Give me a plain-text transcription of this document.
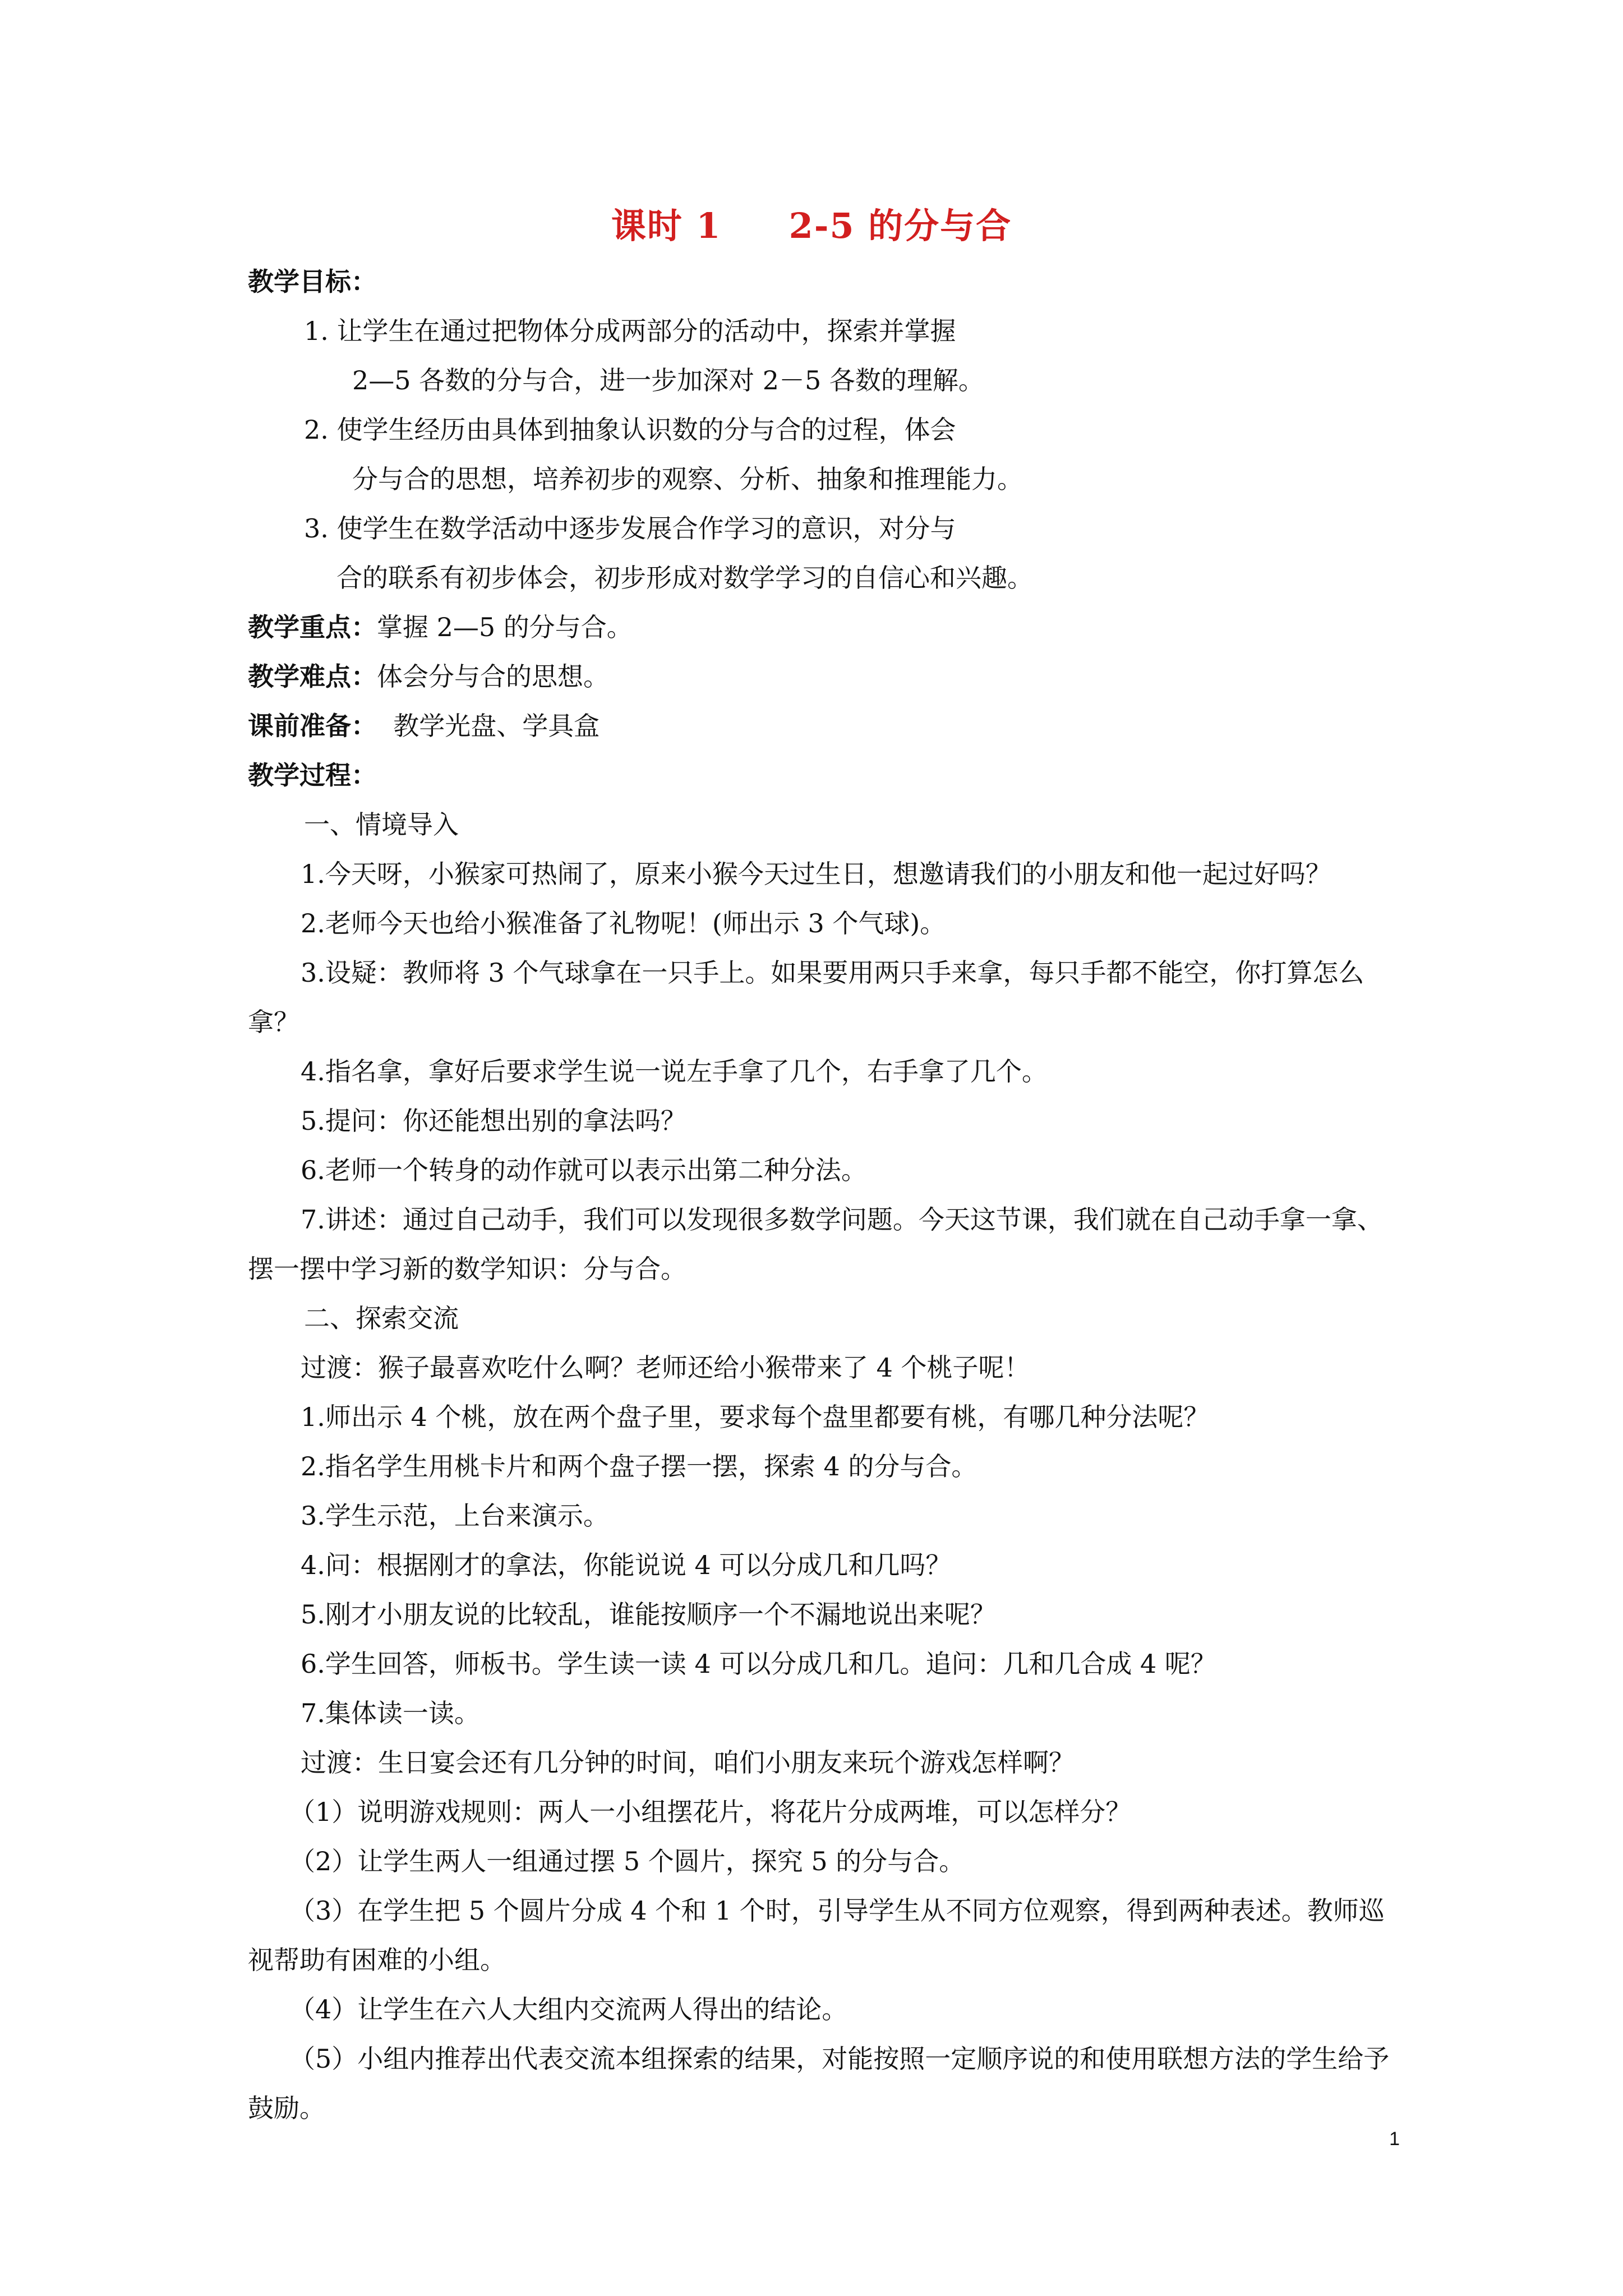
课时 1 2-5 的分与合
教学目标：
1. 让学生在通过把物体分成两部分的活动中，探索并掌握
2—5 各数的分与合，进一步加深对 2－5 各数的理解。
2. 使学生经历由具体到抽象认识数的分与合的过程，体会
分与合的思想，培养初步的观察、分析、抽象和推理能力。
3. 使学生在数学活动中逐步发展合作学习的意识，对分与
合的联系有初步体会，初步形成对数学学习的自信心和兴趣。
教学重点：掌握 2—5 的分与合。
教学难点：体会分与合的思想。
课前准备：  教学光盘、学具盒
教学过程：
一、情境导入
1.今天呀，小猴家可热闹了，原来小猴今天过生日，想邀请我们的小朋友和他一起过好吗？
2.老师今天也给小猴准备了礼物呢！(师出示 3 个气球)。
3.设疑：教师将 3 个气球拿在一只手上。如果要用两只手来拿，每只手都不能空，你打算怎么拿？
4.指名拿，拿好后要求学生说一说左手拿了几个，右手拿了几个。
5.提问：你还能想出别的拿法吗？
6.老师一个转身的动作就可以表示出第二种分法。
7.讲述：通过自己动手，我们可以发现很多数学问题。今天这节课，我们就在自己动手拿一拿、摆一摆中学习新的数学知识：分与合。
二、探索交流
过渡：猴子最喜欢吃什么啊？老师还给小猴带来了 4 个桃子呢！
1.师出示 4 个桃，放在两个盘子里，要求每个盘里都要有桃，有哪几种分法呢？
2.指名学生用桃卡片和两个盘子摆一摆，探索 4 的分与合。
3.学生示范，上台来演示。
4.问：根据刚才的拿法，你能说说 4 可以分成几和几吗？
5.刚才小朋友说的比较乱，谁能按顺序一个不漏地说出来呢？
6.学生回答，师板书。学生读一读 4 可以分成几和几。追问：几和几合成 4 呢？
7.集体读一读。
过渡：生日宴会还有几分钟的时间，咱们小朋友来玩个游戏怎样啊？
（1）说明游戏规则：两人一小组摆花片，将花片分成两堆，可以怎样分？
（2）让学生两人一组通过摆 5 个圆片，探究 5 的分与合。
（3）在学生把 5 个圆片分成 4 个和 1 个时，引导学生从不同方位观察，得到两种表述。教师巡视帮助有困难的小组。
（4）让学生在六人大组内交流两人得出的结论。
（5）小组内推荐出代表交流本组探索的结果，对能按照一定顺序说的和使用联想方法的学生给予鼓励。
1
